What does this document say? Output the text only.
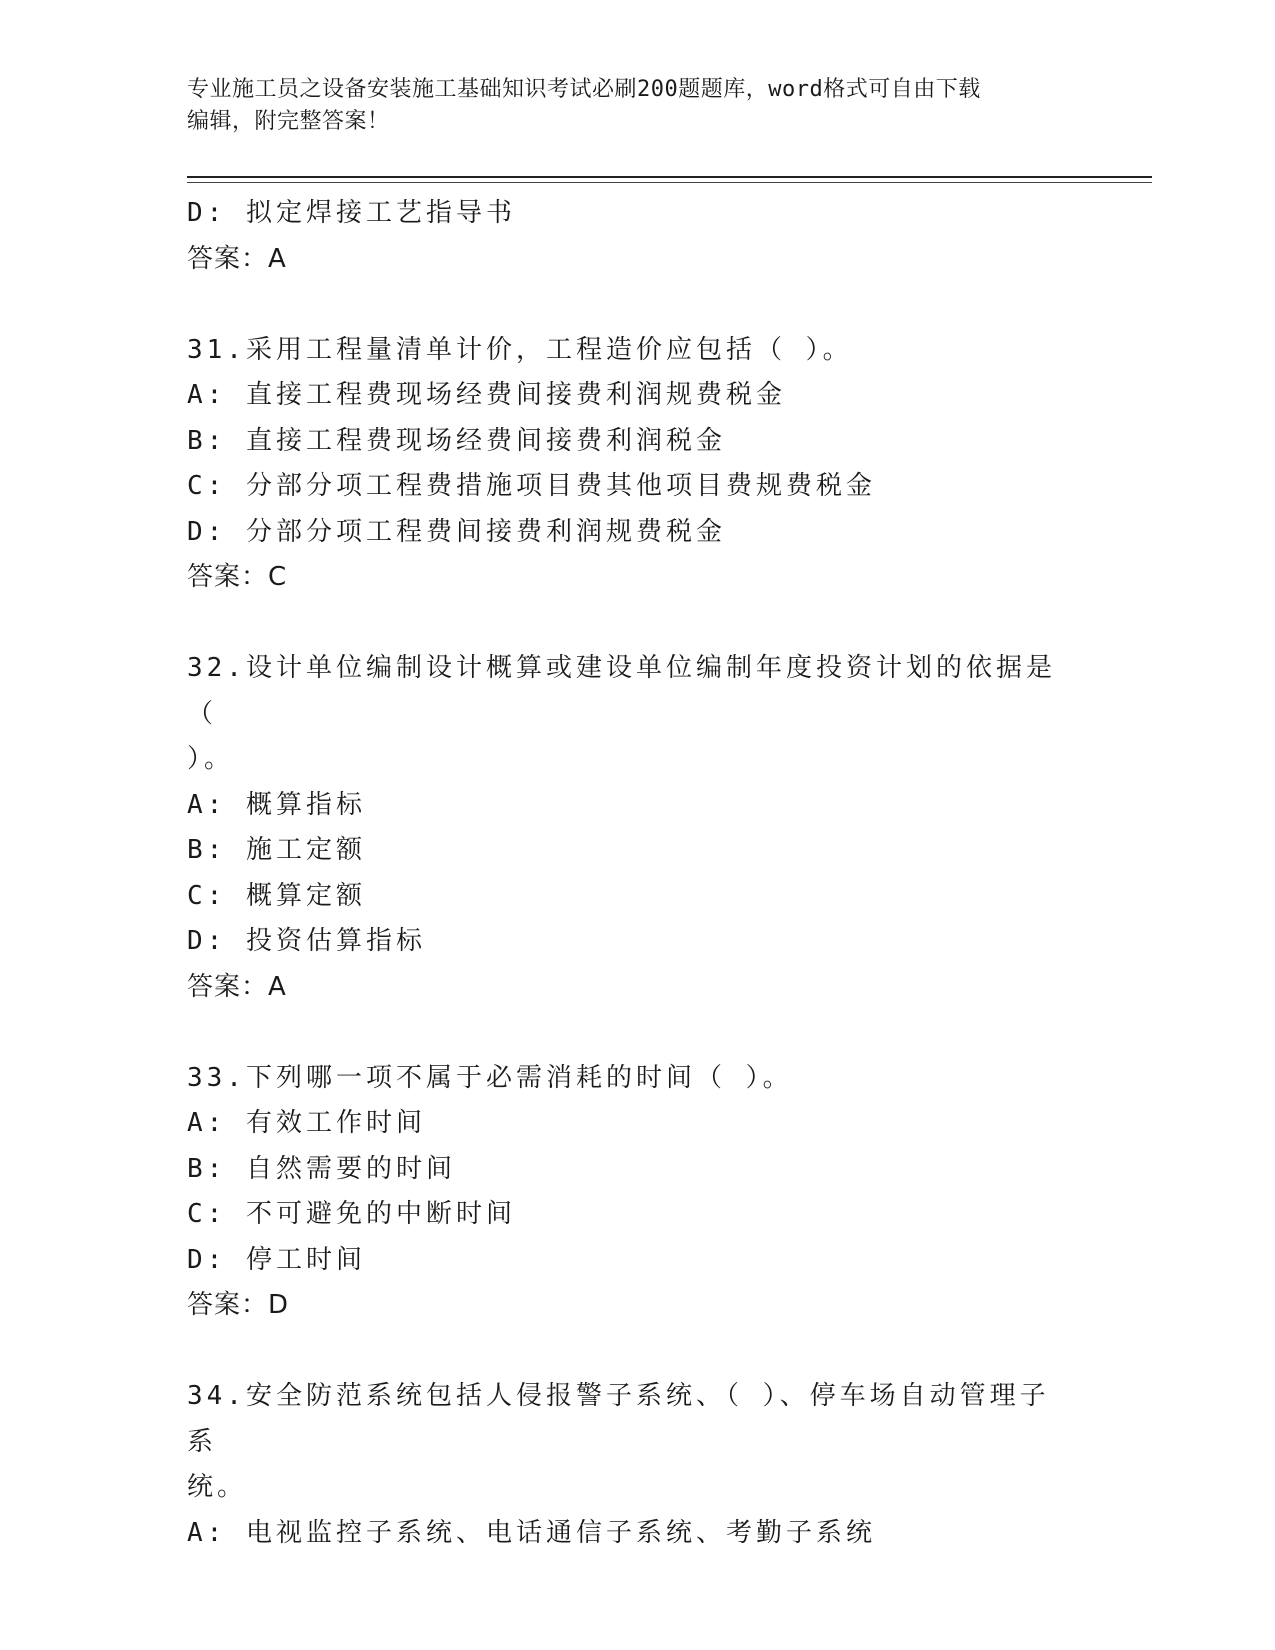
专业施工员之设备安装施工基础知识考试必刷200题题库，word格式可自由下载
编辑，附完整答案！

D: 拟定焊接工艺指导书

答案：A

31.采用工程量清单计价，工程造价应包括（ ）。

A: 直接工程费现场经费间接费利润规费税金

B: 直接工程费现场经费间接费利润税金

C: 分部分项工程费措施项目费其他项目费规费税金

D: 分部分项工程费间接费利润规费税金

答案：C

32.设计单位编制设计概算或建设单位编制年度投资计划的依据是（

）。

A: 概算指标

B: 施工定额

C: 概算定额

D: 投资估算指标

答案：A

33.下列哪一项不属于必需消耗的时间（ ）。

A: 有效工作时间

B: 自然需要的时间

C: 不可避免的中断时间

D: 停工时间

答案：D

34.安全防范系统包括人侵报警子系统、（ ）、停车场自动管理子系

统。

A: 电视监控子系统、电话通信子系统、考勤子系统
